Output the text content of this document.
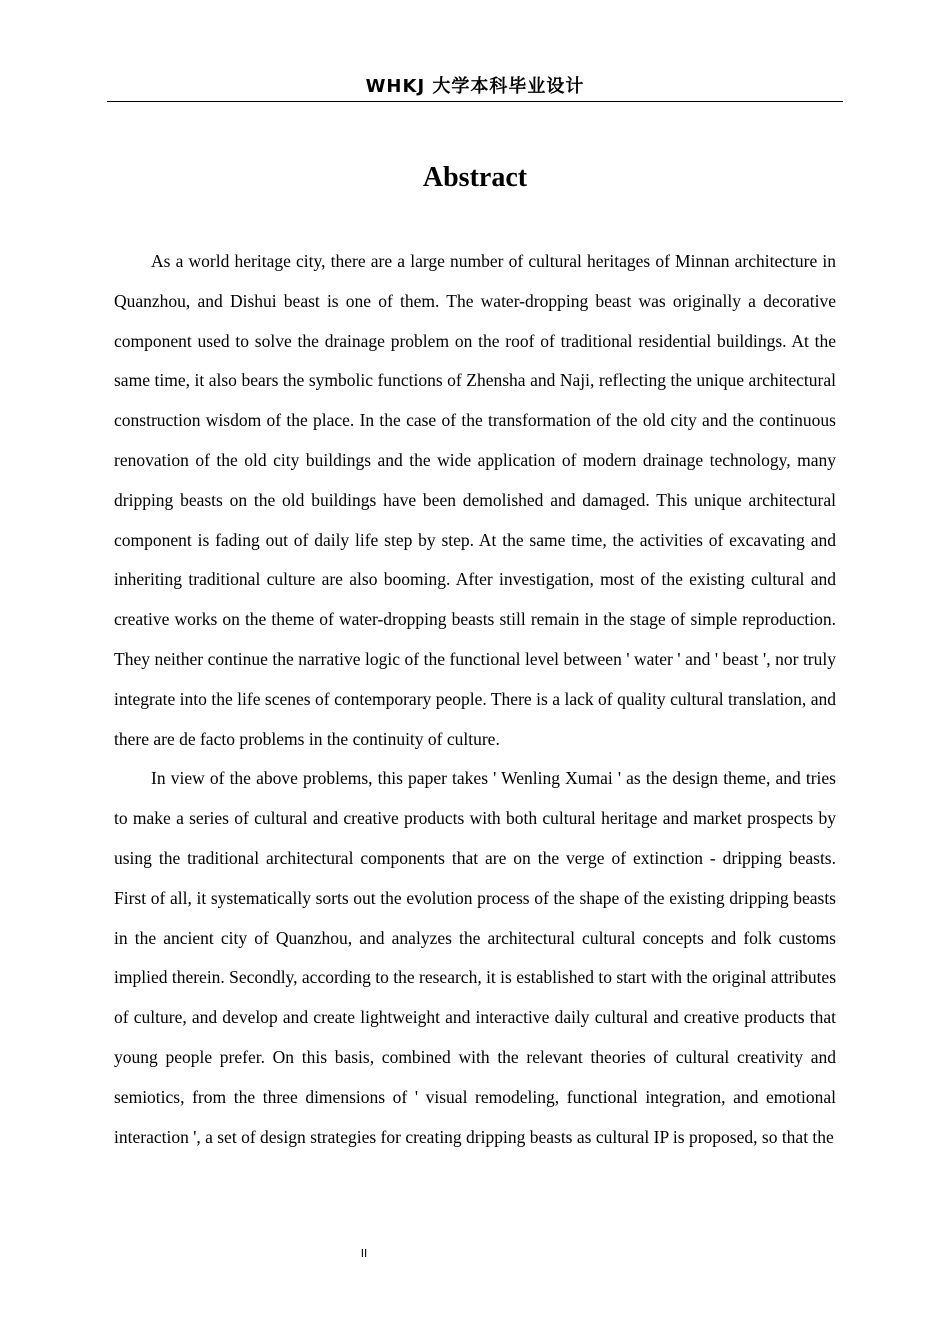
WHKJ 大学本科毕业设计
Abstract

As a world heritage city, there are a large number of cultural heritages of Minnan architecture in Quanzhou, and Dishui beast is one of them. The water-dropping beast was originally a decorative component used to solve the drainage problem on the roof of traditional residential buildings. At the same time, it also bears the symbolic functions of Zhensha and Naji, reflecting the unique architectural construction wisdom of the place. In the case of the transformation of the old city and the continuous renovation of the old city buildings and the wide application of modern drainage technology, many dripping beasts on the old buildings have been demolished and damaged. This unique architectural component is fading out of daily life step by step. At the same time, the activities of excavating and inheriting traditional culture are also booming. After investigation, most of the existing cultural and creative works on the theme of water-dropping beasts still remain in the stage of simple reproduction. They neither continue the narrative logic of the functional level between ' water ' and ' beast ', nor truly integrate into the life scenes of contemporary people. There is a lack of quality cultural translation, and there are de facto problems in the continuity of culture.

In view of the above problems, this paper takes ' Wenling Xumai ' as the design theme, and tries to make a series of cultural and creative products with both cultural heritage and market prospects by using the traditional architectural components that are on the verge of extinction - dripping beasts. First of all, it systematically sorts out the evolution process of the shape of the existing dripping beasts in the ancient city of Quanzhou, and analyzes the architectural cultural concepts and folk customs implied therein. Secondly, according to the research, it is established to start with the original attributes of culture, and develop and create lightweight and interactive daily cultural and creative products that young people prefer. On this basis, combined with the relevant theories of cultural creativity and semiotics, from the three dimensions of ' visual remodeling, functional integration, and emotional interaction ', a set of design strategies for creating dripping beasts as cultural IP is proposed, so that the

II
